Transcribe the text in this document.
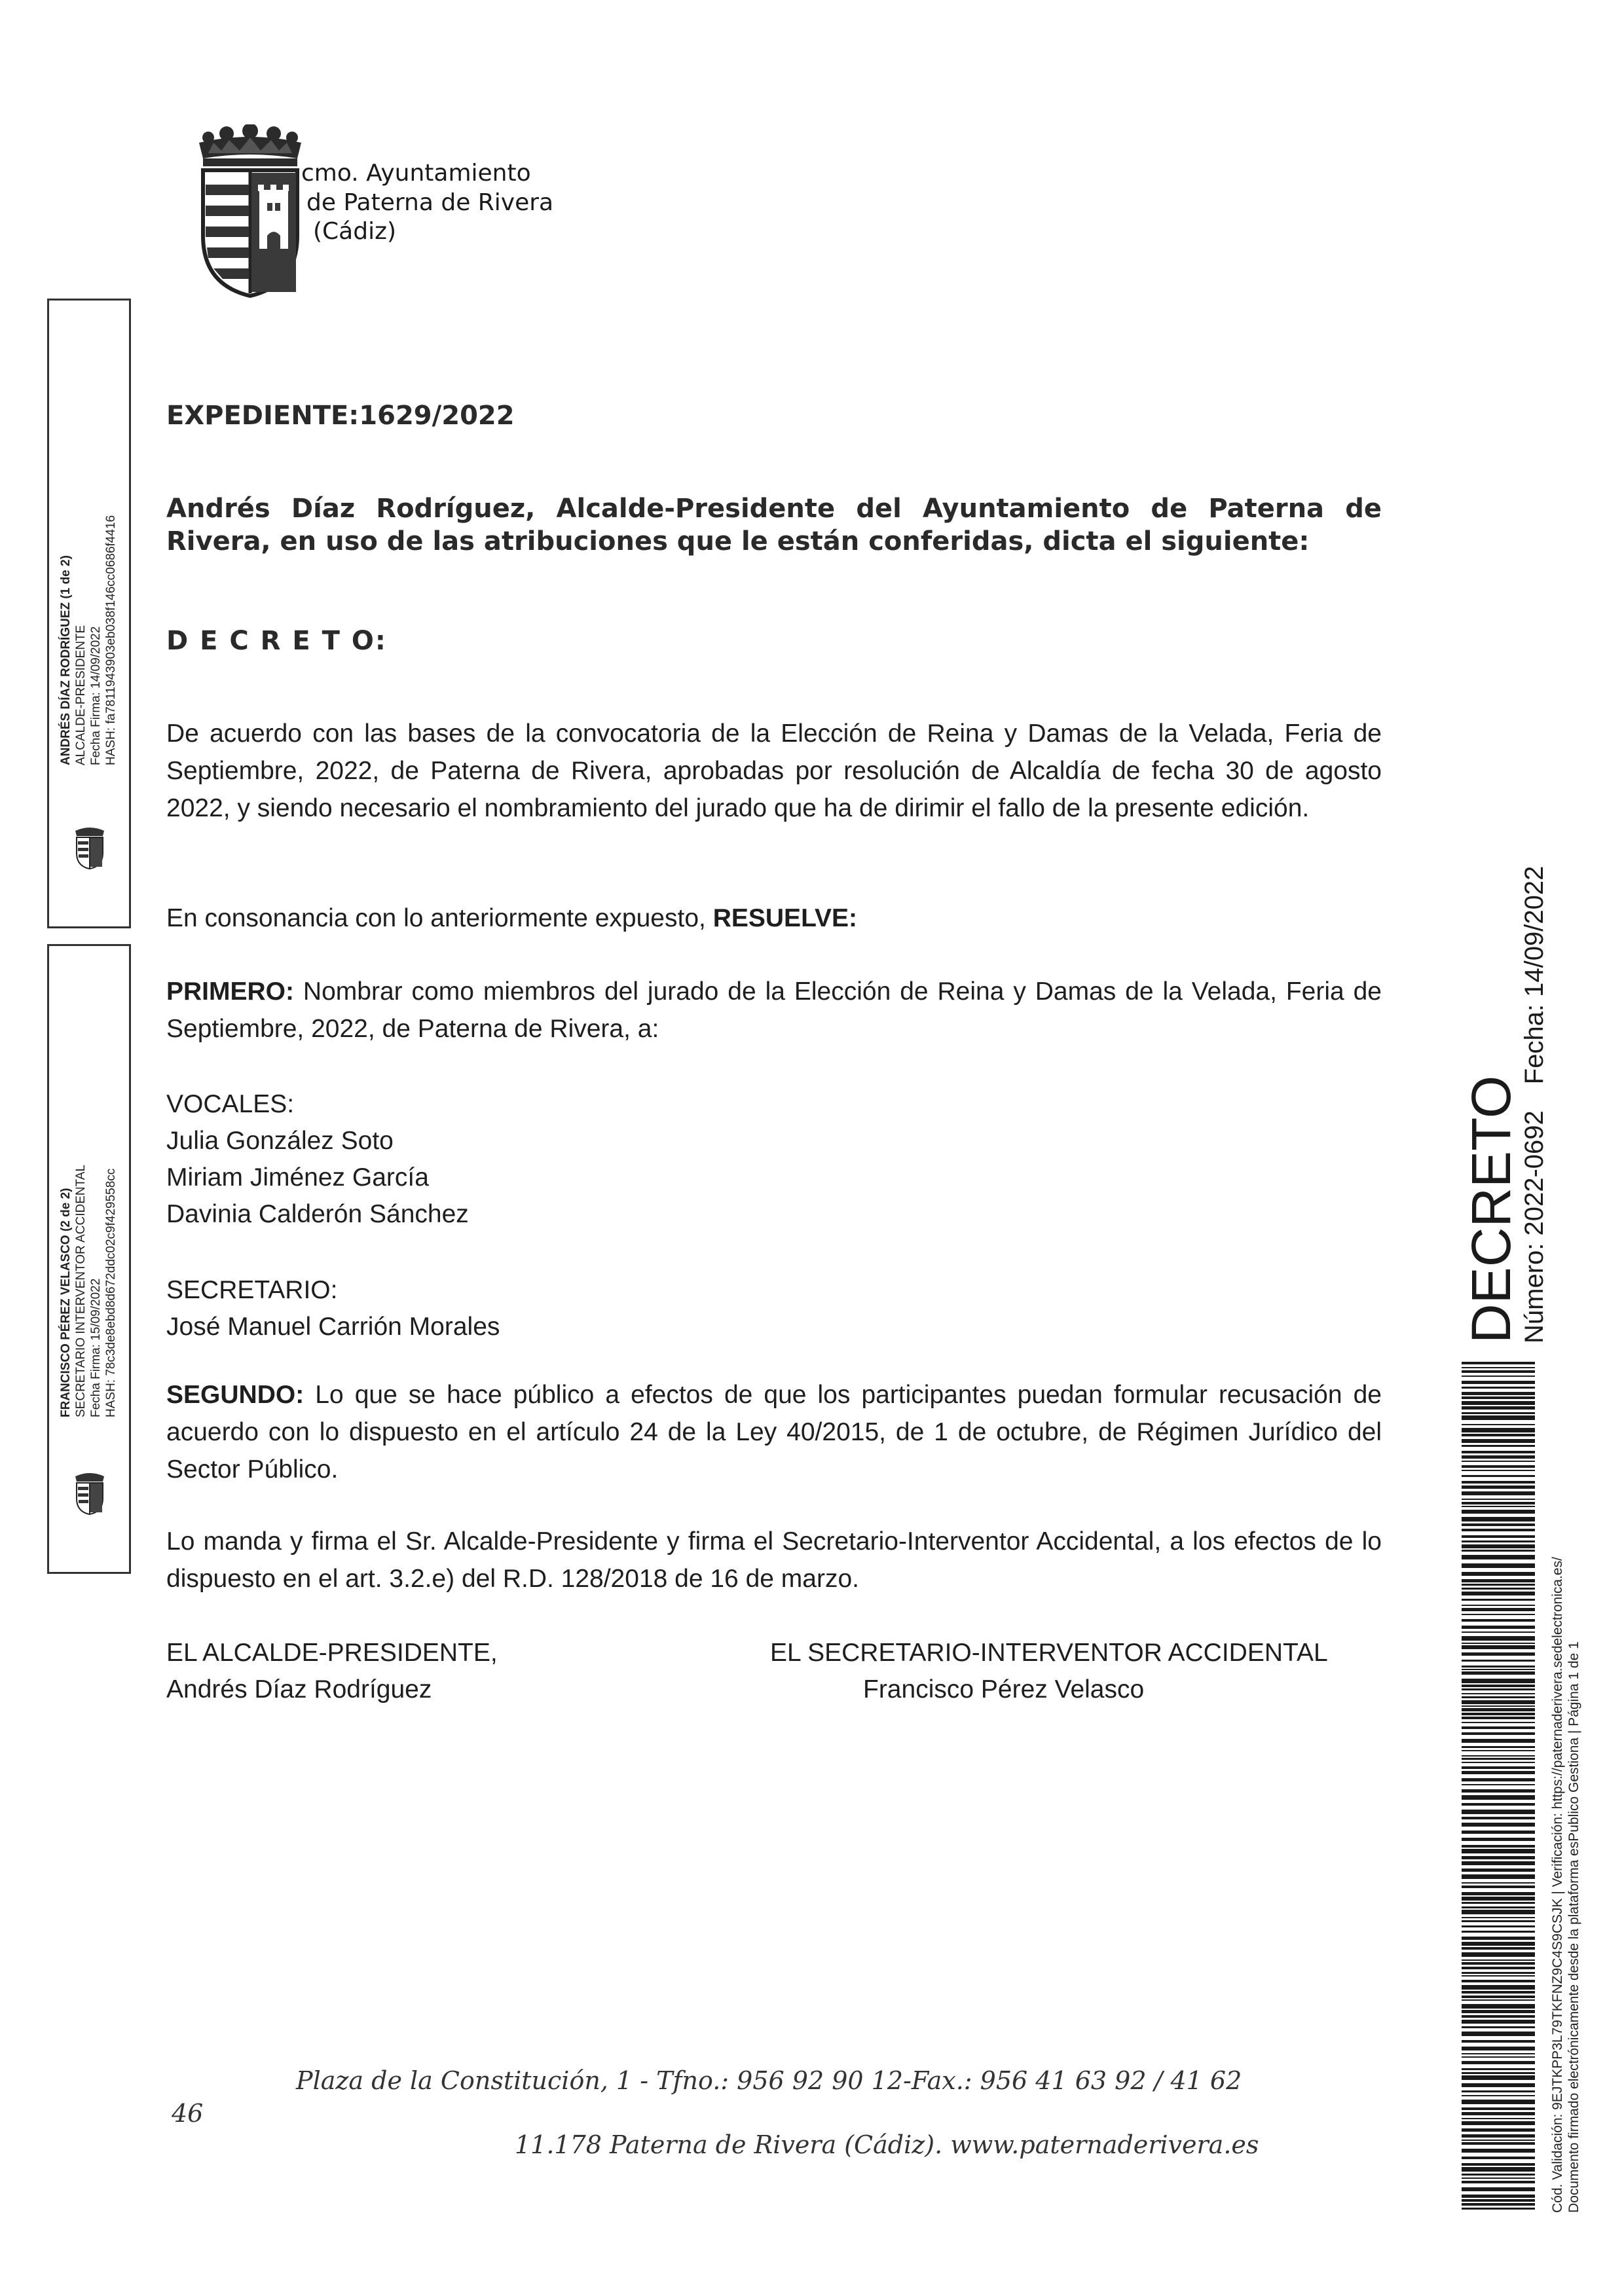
cmo. Ayuntamiento
de Paterna de Rivera
(Cádiz)
EXPEDIENTE:1629/2022
Andrés Díaz Rodríguez, Alcalde-Presidente del Ayuntamiento de Paterna de Rivera, en uso de las atribuciones que le están conferidas, dicta el siguiente:
D E C R E T O:
De acuerdo con las bases de la convocatoria de la Elección de Reina y Damas de la Velada, Feria de Septiembre, 2022, de Paterna de Rivera, aprobadas por resolución de Alcaldía de fecha 30 de agosto 2022, y siendo necesario el nombramiento del jurado que ha de dirimir el fallo de la presente edición.
En consonancia con lo anteriormente expuesto, RESUELVE:
PRIMERO: Nombrar como miembros del jurado de la Elección de Reina y Damas de la Velada, Feria de Septiembre, 2022, de Paterna de Rivera, a:
VOCALES:
Julia González Soto
Miriam Jiménez García
Davinia Calderón Sánchez
SECRETARIO:
José Manuel Carrión Morales
SEGUNDO: Lo que se hace público a efectos de que los participantes puedan formular recusación de acuerdo con lo dispuesto en el artículo 24 de la Ley 40/2015, de 1 de octubre, de Régimen Jurídico del Sector Público.
Lo manda y firma el Sr. Alcalde-Presidente y firma el Secretario-Interventor Accidental, a los efectos de lo dispuesto en el art. 3.2.e) del R.D. 128/2018 de 16 de marzo.
EL ALCALDE-PRESIDENTE,
Andrés Díaz Rodríguez
EL SECRETARIO-INTERVENTOR ACCIDENTAL
Francisco Pérez Velasco
Plaza de la Constitución, 1 - Tfno.: 956 92 90 12-Fax.: 956 41 63 92 / 41 62
46
11.178 Paterna de Rivera (Cádiz). www.paternaderivera.es
ANDRÉS DÍAZ RODRÍGUEZ (1 de 2) ALCALDE-PRESIDENTE Fecha Firma: 14/09/2022 HASH: fa7811943903eb038f146cc0686f4416
FRANCISCO PÉREZ VELASCO (2 de 2) SECRETARIO INTERVENTOR ACCIDENTAL Fecha Firma: 15/09/2022 HASH: 78c3de8ebd8d672ddc02c9f429558cc	DECRETO
Número: 2022-0692Fecha: 14/09/2022
Cód. Validación: 9EJTKPP3L79TKFNZ9C4S9CSJK | Verificación: https://paternaderivera.sedelectronica.es/ Documento firmado electrónicamente desde la plataforma esPublico Gestiona | Página 1 de 1
